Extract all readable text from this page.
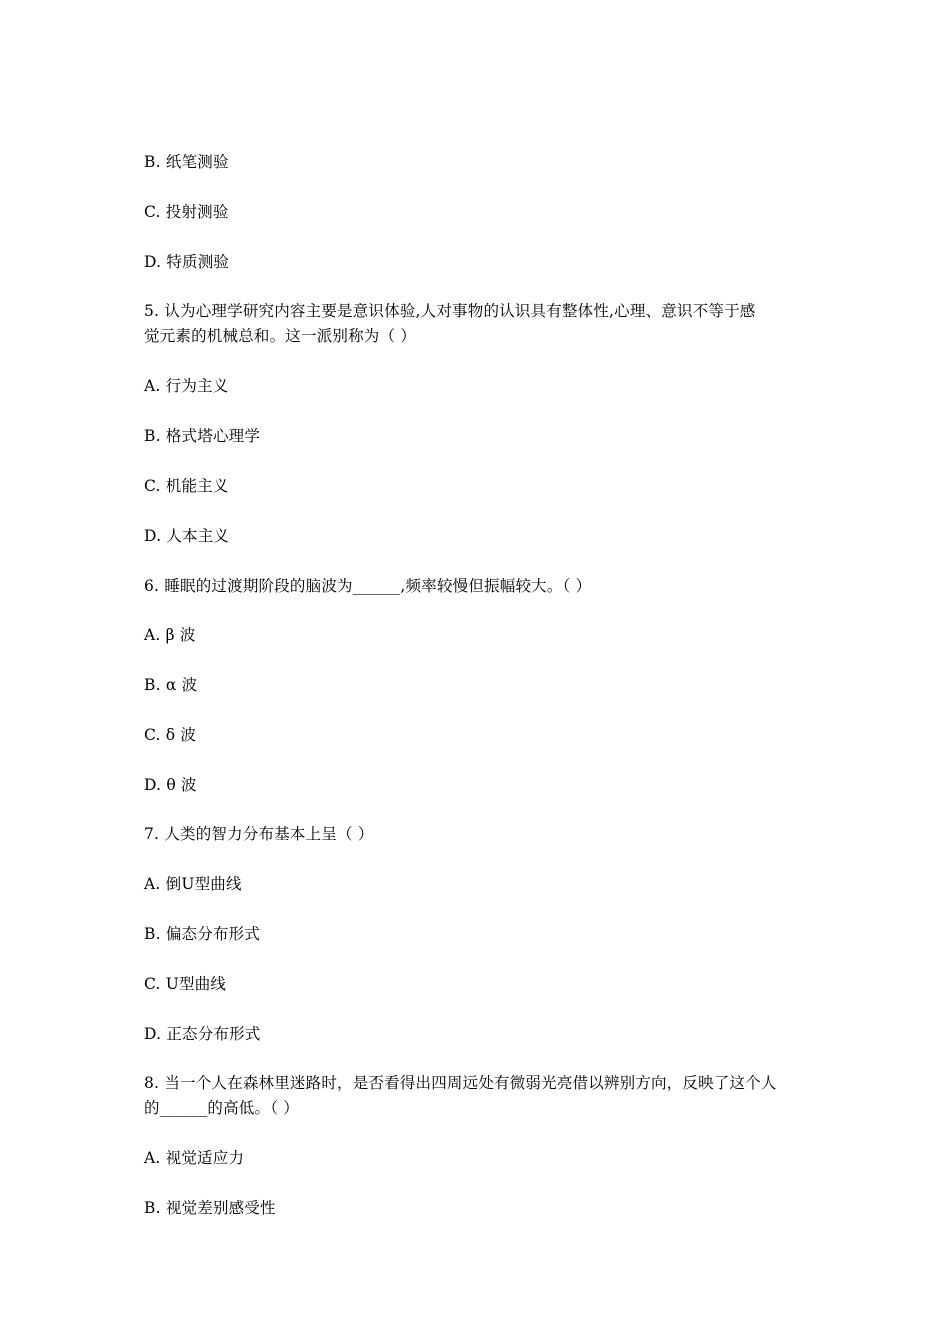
B. 纸笔测验
C. 投射测验
D. 特质测验
5. 认为心理学研究内容主要是意识体验,人对事物的认识具有整体性,心理、意识不等于感
觉元素的机械总和。这一派别称为（ ）
A. 行为主义
B. 格式塔心理学
C. 机能主义
D. 人本主义
6. 睡眠的过渡期阶段的脑波为______,频率较慢但振幅较大。（ ）
A. β 波
B. α 波
C. δ 波
D. θ 波
7. 人类的智力分布基本上呈（ ）
A. 倒U型曲线
B. 偏态分布形式
C. U型曲线
D. 正态分布形式
8. 当一个人在森林里迷路时，是否看得出四周远处有微弱光亮借以辨别方向，反映了这个人
的______的高低。（ ）
A. 视觉适应力
B. 视觉差别感受性
